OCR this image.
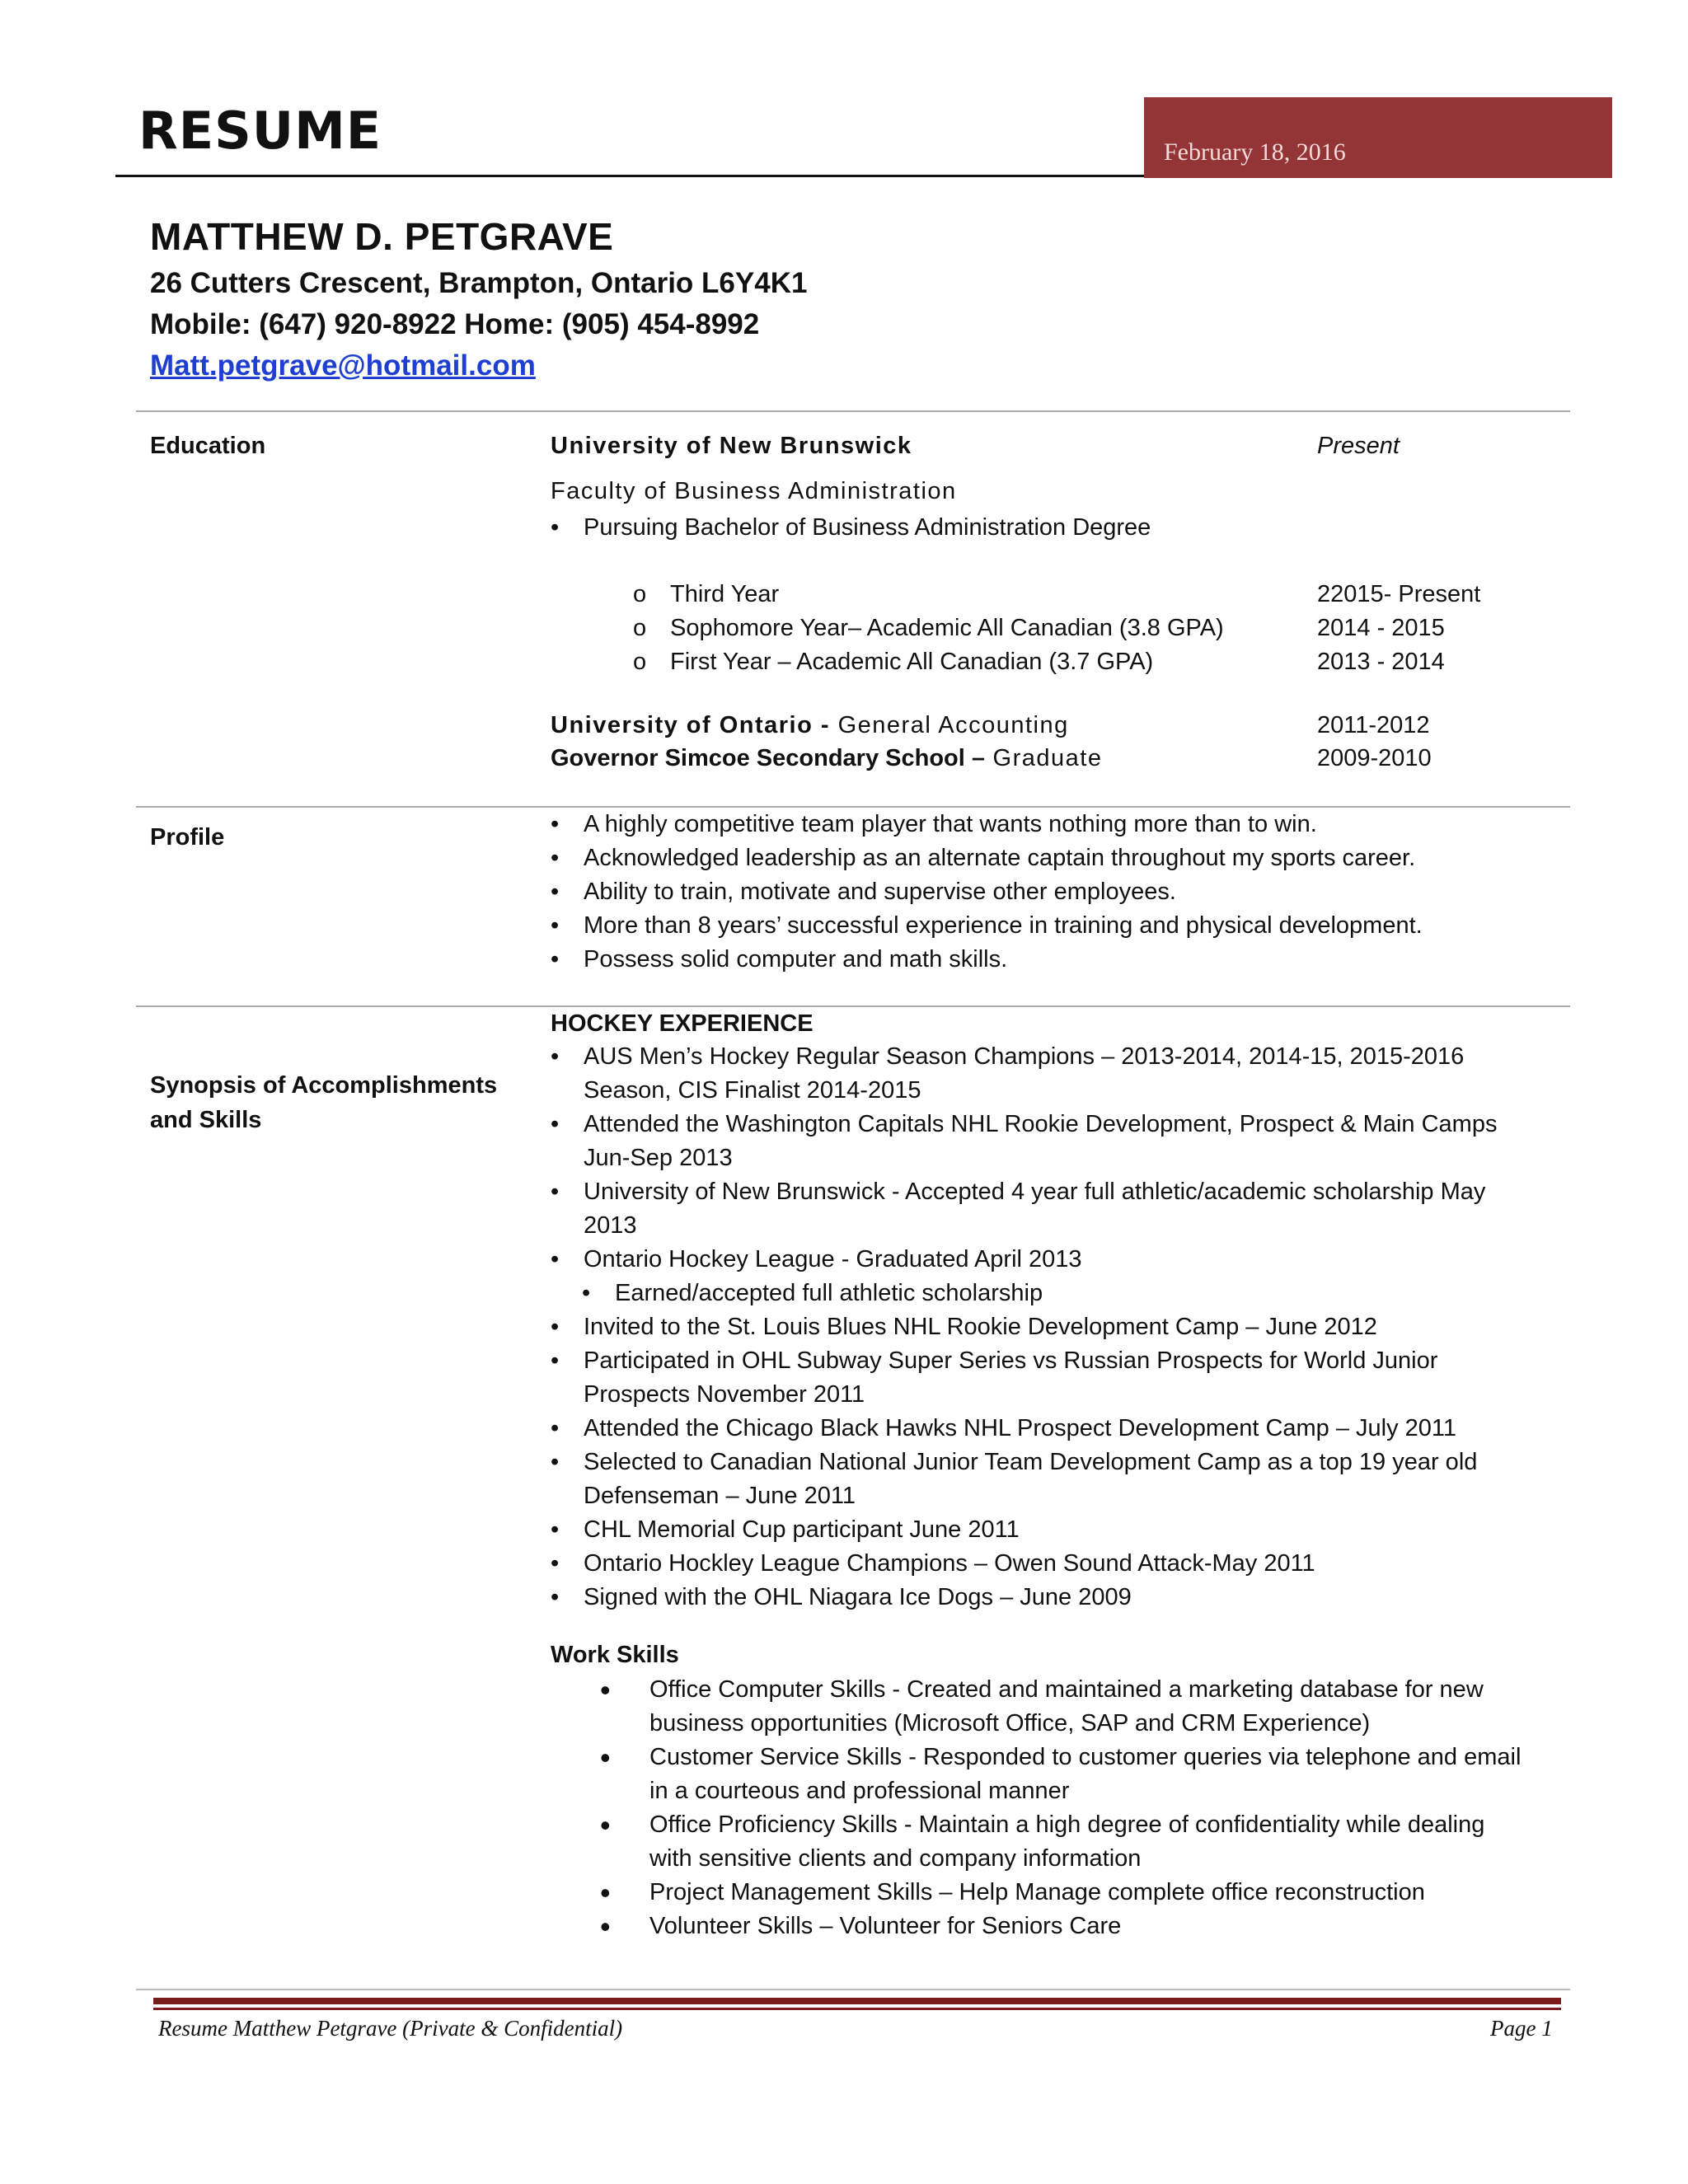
RESUME	February 18, 2016
MATTHEW D. PETGRAVE
26 Cutters Crescent, Brampton, Ontario L6Y4K1
Mobile: (647) 920-8922 Home: (905) 454-8992
Matt.petgrave@hotmail.com
Education	University of New Brunswick	Present
Faculty of Business Administration
• Pursuing Bachelor of Business Administration Degree
o Third Year	22015- Present
o Sophomore Year– Academic All Canadian (3.8 GPA)	2014 - 2015
o First Year – Academic All Canadian (3.7 GPA)	2013 - 2014
University of Ontario - General Accounting	2011-2012
Governor Simcoe Secondary School – Graduate	2009-2010
Profile	• A highly competitive team player that wants nothing more than to win.
• Acknowledged leadership as an alternate captain throughout my sports career.
• Ability to train, motivate and supervise other employees.
• More than 8 years’ successful experience in training and physical development.
• Possess solid computer and math skills.
Synopsis of Accomplishments
and Skills
HOCKEY EXPERIENCE
• AUS Men’s Hockey Regular Season Champions – 2013-2014, 2014-15, 2015-2016 Season, CIS Finalist 2014-2015
• Attended the Washington Capitals NHL Rookie Development, Prospect & Main Camps Jun-Sep 2013
• University of New Brunswick - Accepted 4 year full athletic/academic scholarship May 2013
• Ontario Hockey League - Graduated April 2013
• Earned/accepted full athletic scholarship
• Invited to the St. Louis Blues NHL Rookie Development Camp – June 2012
• Participated in OHL Subway Super Series vs Russian Prospects for World Junior Prospects November 2011
• Attended the Chicago Black Hawks NHL Prospect Development Camp – July 2011
• Selected to Canadian National Junior Team Development Camp as a top 19 year old Defenseman – June 2011
• CHL Memorial Cup participant June 2011
• Ontario Hockley League Champions – Owen Sound Attack-May 2011
• Signed with the OHL Niagara Ice Dogs – June 2009
Work Skills
• Office Computer Skills - Created and maintained a marketing database for new business opportunities (Microsoft Office, SAP and CRM Experience)
• Customer Service Skills - Responded to customer queries via telephone and email in a courteous and professional manner
• Office Proficiency Skills - Maintain a high degree of confidentiality while dealing with sensitive clients and company information
• Project Management Skills – Help Manage complete office reconstruction
• Volunteer Skills – Volunteer for Seniors Care
Resume Matthew Petgrave (Private & Confidential)	Page 1
